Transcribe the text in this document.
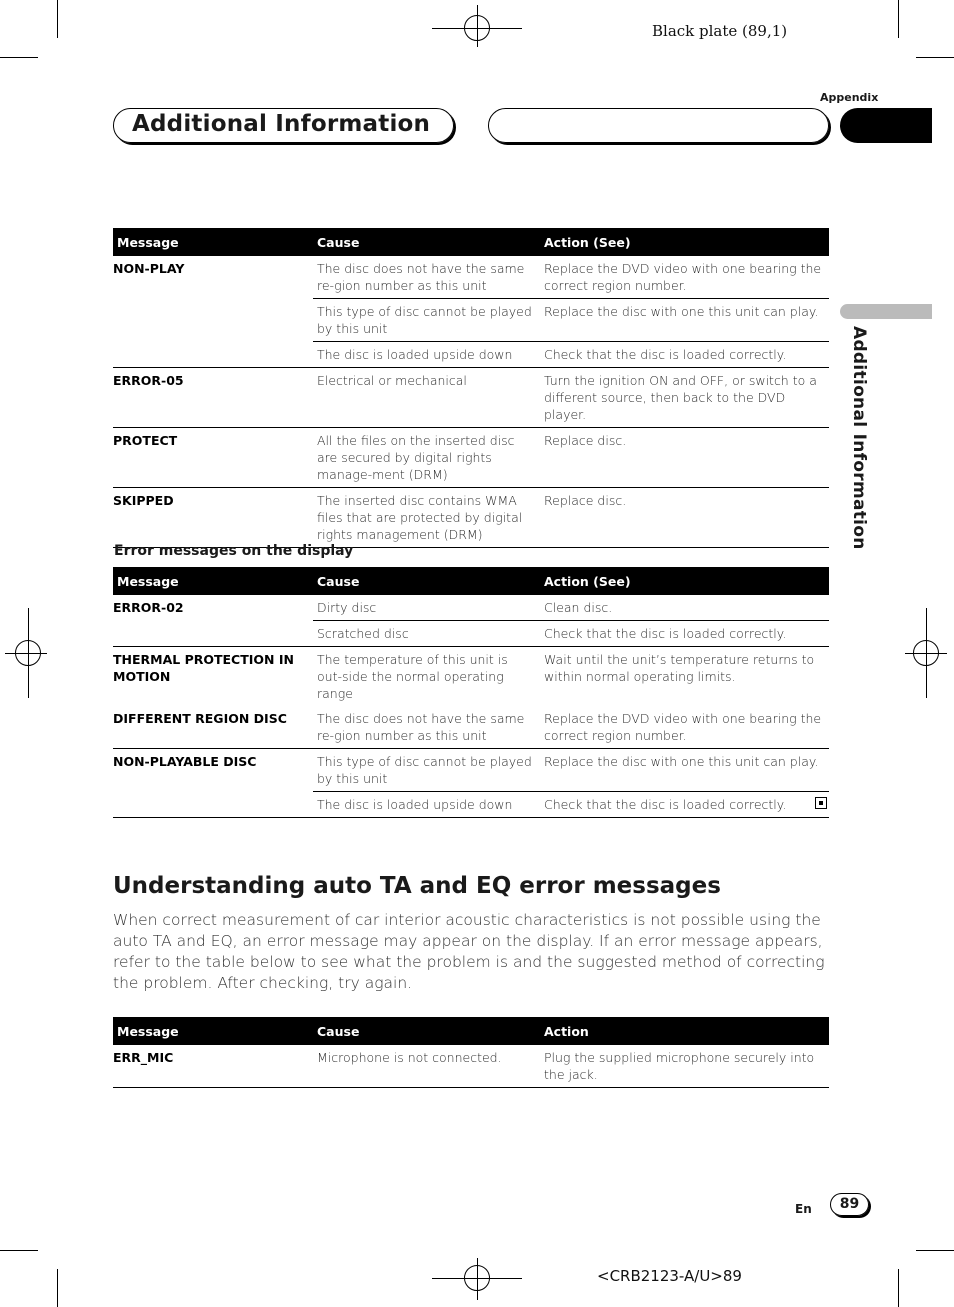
Black plate (89,1)
Appendix
Additional Information
Additional Information
Message	Cause	Action (See)
NON-PLAY	The disc does not have the same re-gion number as this unit	Replace the DVD video with one bearing the correct region number.
	This type of disc cannot be played by this unit	Replace the disc with one this unit can play.
	The disc is loaded upside down	Check that the disc is loaded correctly.
ERROR-05	Electrical or mechanical	Turn the ignition ON and OFF, or switch to a different source, then back to the DVD player.
PROTECT	All the files on the inserted disc are secured by digital rights manage-ment (DRM)	Replace disc.
SKIPPED	The inserted disc contains WMA files that are protected by digital rights management (DRM)	Replace disc.
Error messages on the display
Message	Cause	Action (See)
ERROR-02	Dirty disc	Clean disc.
	Scratched disc	Check that the disc is loaded correctly.
THERMAL PROTECTION IN MOTION	The temperature of this unit is out-side the normal operating range	Wait until the unit’s temperature returns to within normal operating limits.
DIFFERENT REGION DISC	The disc does not have the same re-gion number as this unit	Replace the DVD video with one bearing the correct region number.
NON-PLAYABLE DISC	This type of disc cannot be played by this unit	Replace the disc with one this unit can play.
	The disc is loaded upside down	Check that the disc is loaded correctly.
Understanding auto TA and EQ error messages
When correct measurement of car interior acoustic characteristics is not possible using the auto TA and EQ, an error message may appear on the display. If an error message appears, refer to the table below to see what the problem is and the suggested method of correcting the problem. After checking, try again.
Message	Cause	Action
ERR_MIC	Microphone is not connected.	Plug the supplied microphone securely into the jack.
En	89
<CRB2123-A/U>89
